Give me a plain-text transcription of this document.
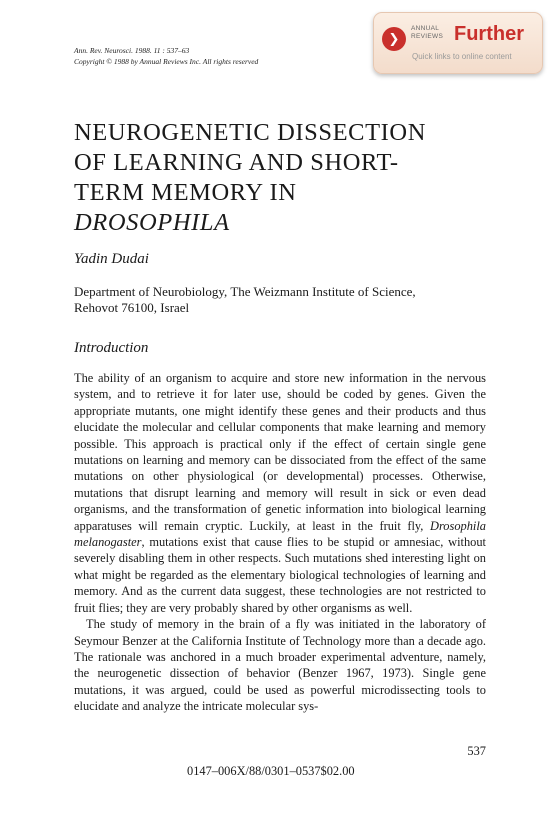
Ann. Rev. Neurosci. 1988. 11 : 537–63
Copyright © 1988 by Annual Reviews Inc. All rights reserved
❯
ANNUAL
REVIEWS Further
Quick links to online content
NEUROGENETIC DISSECTION
OF LEARNING AND SHORT-
TERM MEMORY IN
DROSOPHILA
Yadin Dudai
Department of Neurobiology, The Weizmann Institute of Science,
Rehovot 76100, Israel
Introduction

The ability of an organism to acquire and store new information in the nervous system, and to retrieve it for later use, should be coded by genes. Given the appropriate mutants, one might identify these genes and their products and thus elucidate the molecular and cellular components that make learning and memory possible. This approach is practical only if the effect of certain single gene mutations on learning and memory can be dissociated from the effect of the same mutations on other physiological (or developmental) processes. Otherwise, mutations that disrupt learning and memory will result in sick or even dead organisms, and the transformation of genetic information into biological learning apparatuses will remain cryptic. Luckily, at least in the fruit fly, Drosophila melanogaster, mutations exist that cause flies to be stupid or amnesiac, without severely disabling them in other respects. Such mutations shed interesting light on what might be regarded as the elementary biological technologies of learning and memory. And as the current data suggest, these technologies are not restricted to fruit flies; they are very probably shared by other organisms as well.

The study of memory in the brain of a fly was initiated in the laboratory of Seymour Benzer at the California Institute of Technology more than a decade ago. The rationale was anchored in a much broader experimental adventure, namely, the neurogenetic dissection of behavior (Benzer 1967, 1973). Single gene mutations, it was argued, could be used as powerful microdissecting tools to elucidate and analyze the intricate molecular sys-

537
0147–006X/88/0301–0537$02.00
